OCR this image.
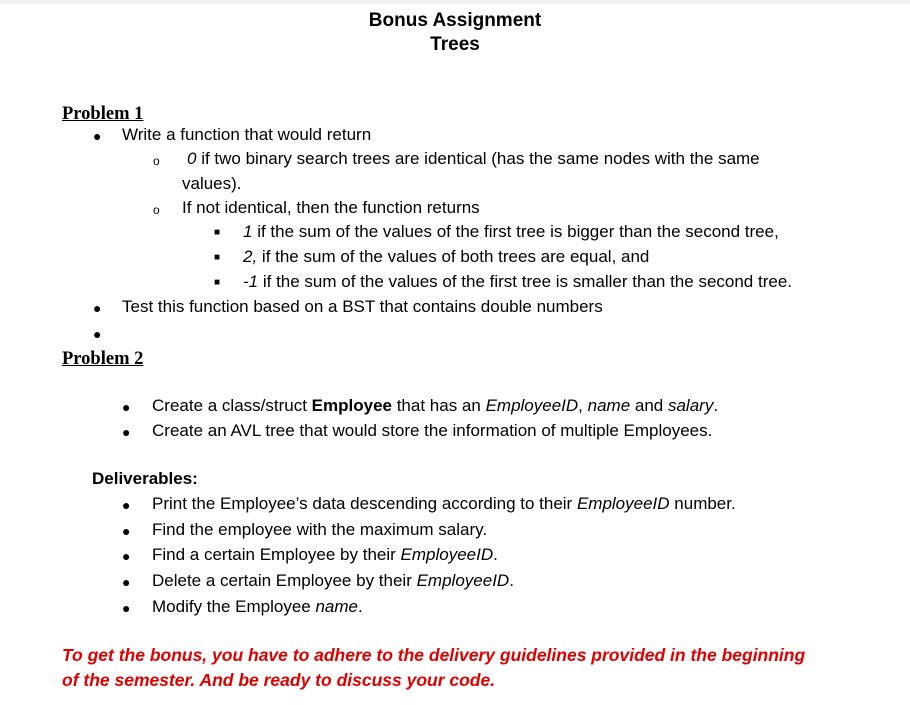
Bonus Assignment
Trees
Problem 1
● Write a function that would return
o 0 if two binary search trees are identical (has the same nodes with the same
values).
o If not identical, then the function returns
■ 1 if the sum of the values of the first tree is bigger than the second tree,
■ 2, if the sum of the values of both trees are equal, and
■ -1 if the sum of the values of the first tree is smaller than the second tree.
● Test this function based on a BST that contains double numbers
●
Problem 2
● Create a class/struct Employee that has an EmployeeID, name and salary.
● Create an AVL tree that would store the information of multiple Employees.
Deliverables:
● Print the Employee’s data descending according to their EmployeeID number.
● Find the employee with the maximum salary.
● Find a certain Employee by their EmployeeID.
● Delete a certain Employee by their EmployeeID.
● Modify the Employee name.
To get the bonus, you have to adhere to the delivery guidelines provided in the beginning
of the semester. And be ready to discuss your code.
